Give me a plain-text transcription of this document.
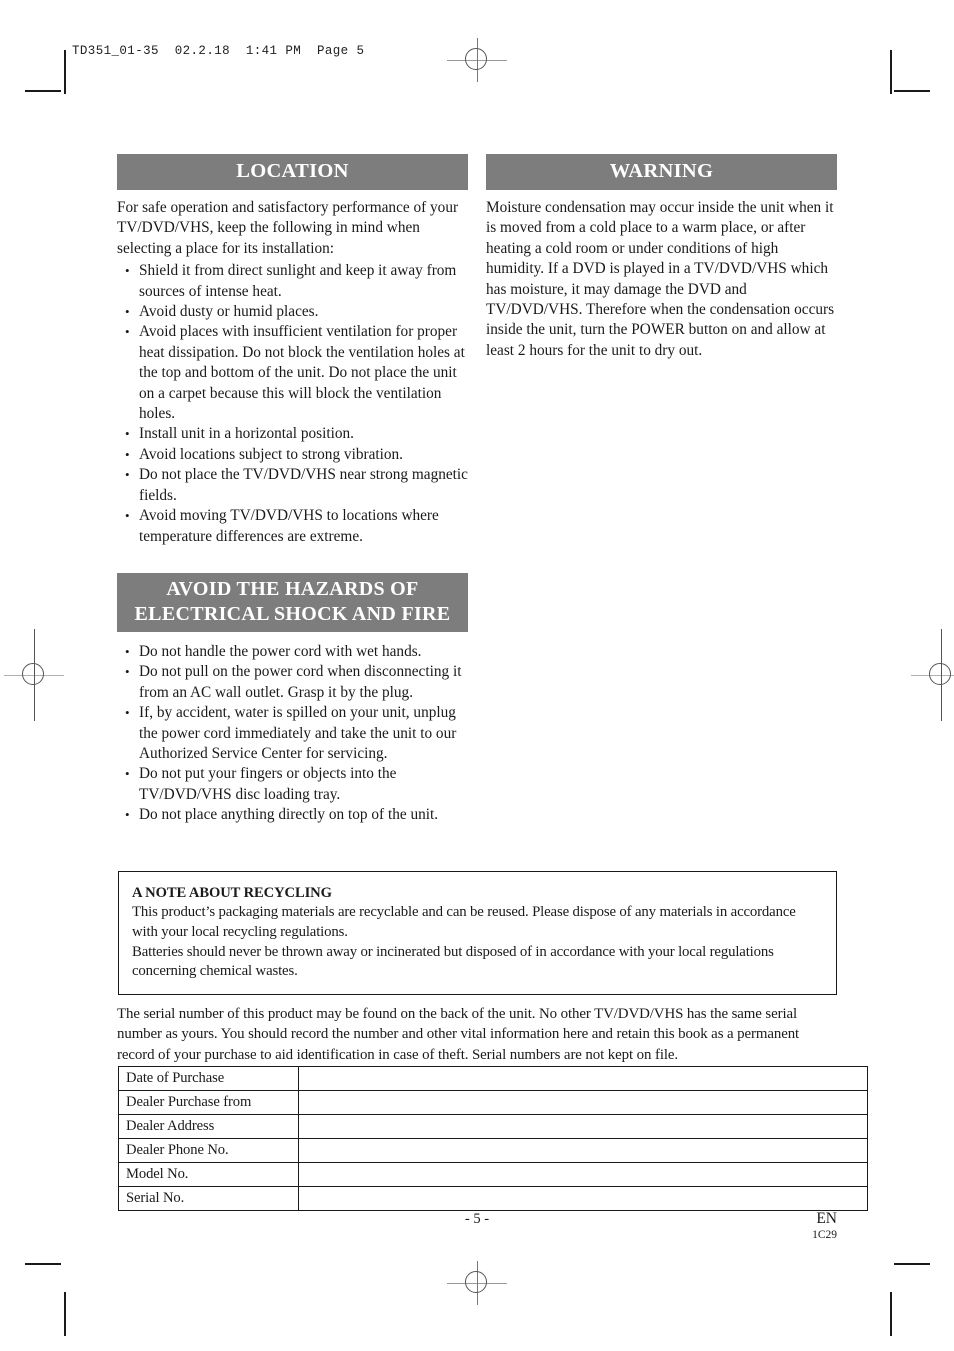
TD351_01-35  02.2.18  1:41 PM  Page 5
LOCATION

For safe operation and satisfactory performance of your TV/DVD/VHS, keep the following in mind when selecting a place for its installation:

• Shield it from direct sunlight and keep it away from sources of intense heat.
• Avoid dusty or humid places.
• Avoid places with insufficient ventilation for proper heat dissipation. Do not block the ventilation holes at the top and bottom of the unit. Do not place the unit on a carpet because this will block the ventilation holes.
• Install unit in a horizontal position.
• Avoid locations subject to strong vibration.
• Do not place the TV/DVD/VHS near strong magnetic fields.
• Avoid moving TV/DVD/VHS to locations where temperature differences are extreme.
AVOID THE HAZARDS OF
ELECTRICAL SHOCK AND FIRE
• Do not handle the power cord with wet hands.
• Do not pull on the power cord when disconnecting it from an AC wall outlet. Grasp it by the plug.
• If, by accident, water is spilled on your unit, unplug the power cord immediately and take the unit to our Authorized Service Center for servicing.
• Do not put your fingers or objects into the TV/DVD/VHS disc loading tray.
• Do not place anything directly on top of the unit.
WARNING

Moisture condensation may occur inside the unit when it is moved from a cold place to a warm place, or after heating a cold room or under conditions of high humidity. If a DVD is played in a TV/DVD/VHS which has moisture, it may damage the DVD and TV/DVD/VHS. Therefore when the condensation occurs inside the unit, turn the POWER button on and allow at least 2 hours for the unit to dry out.

A NOTE ABOUT RECYCLING

This product’s packaging materials are recyclable and can be reused. Please dispose of any materials in accordance with your local recycling regulations.

Batteries should never be thrown away or incinerated but disposed of in accordance with your local regulations concerning chemical wastes.

The serial number of this product may be found on the back of the unit. No other TV/DVD/VHS has the same serial number as yours. You should record the number and other vital information here and retain this book as a permanent record of your purchase to aid identification in case of theft. Serial numbers are not kept on file.
Date of Purchase	
Dealer Purchase from	
Dealer Address	
Dealer Phone No.	
Model No.	
Serial No.	
- 5 -	EN
1C29
